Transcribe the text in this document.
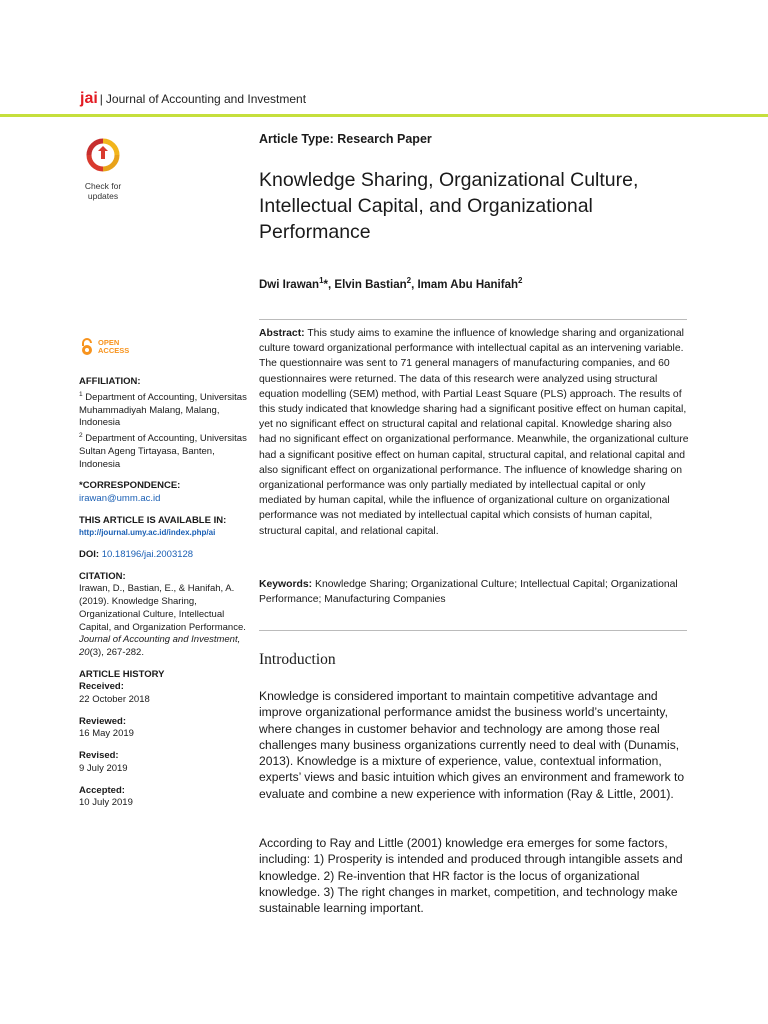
jai | Journal of Accounting and Investment
Check for
updates
Article Type: Research Paper
Knowledge Sharing, Organizational Culture, Intellectual Capital, and Organizational Performance
Dwi Irawan$^1$*, Elvin Bastian$^2$, Imam Abu Hanifah$^2$
OPEN
ACCESS

Abstract: This study aims to examine the influence of knowledge sharing and organizational culture toward organizational performance with intellectual capital as an intervening variable. The questionnaire was sent to 71 general managers of manufacturing companies, and 60 questionnaires were returned. The data of this research were analyzed using structural equation modelling (SEM) method, with Partial Least Square (PLS) approach. The results of this study indicated that knowledge sharing had a significant positive effect on human capital, yet no significant effect on structural capital and relational capital. Knowledge sharing also had no significant effect on organizational performance. Meanwhile, the organizational culture had a significant positive effect on human capital, structural capital, and relational capital and also significant effect on organizational performance. The influence of knowledge sharing on organizational performance was only partially mediated by intellectual capital or only mediated by human capital, while the influence of organizational culture on organizational performance was not mediated by intellectual capital which consists of human capital, structural capital, and relational capital.

Keywords: Knowledge Sharing; Organizational Culture; Intellectual Capital; Organizational Performance; Manufacturing Companies

AFFILIATION:
$^1$ Department of Accounting, Universitas Muhammadiyah Malang, Malang, Indonesia
$^2$ Department of Accounting, Universitas Sultan Ageng Tirtayasa, Banten, Indonesia
*CORRESPONDENCE:
irawan@umm.ac.id
THIS ARTICLE IS AVAILABLE IN:
http://journal.umy.ac.id/index.php/ai
DOI: 10.18196/jai.2003128
CITATION:
Irawan, D., Bastian, E., & Hanifah, A. (2019). Knowledge Sharing, Organizational Culture, Intellectual Capital, and Organization Performance. Journal of Accounting and Investment, 20(3), 267-282.
ARTICLE HISTORY
Received:
22 October 2018
Reviewed:
16 May 2019
Revised:
9 July 2019
Accepted:
10 July 2019
Introduction

Knowledge is considered important to maintain competitive advantage and improve organizational performance amidst the business world’s uncertainty, where changes in customer behavior and technology are among those real challenges many business organizations currently need to deal with (Dunamis, 2013). Knowledge is a mixture of experience, value, contextual information, experts’ views and basic intuition which gives an environment and framework to evaluate and combine a new experience with information (Ray & Little, 2001).

According to Ray and Little (2001) knowledge era emerges for some factors, including: 1) Prosperity is intended and produced through intangible assets and knowledge. 2) Re-invention that HR factor is the locus of organizational knowledge. 3) The right changes in market, competition, and technology make sustainable learning important.
